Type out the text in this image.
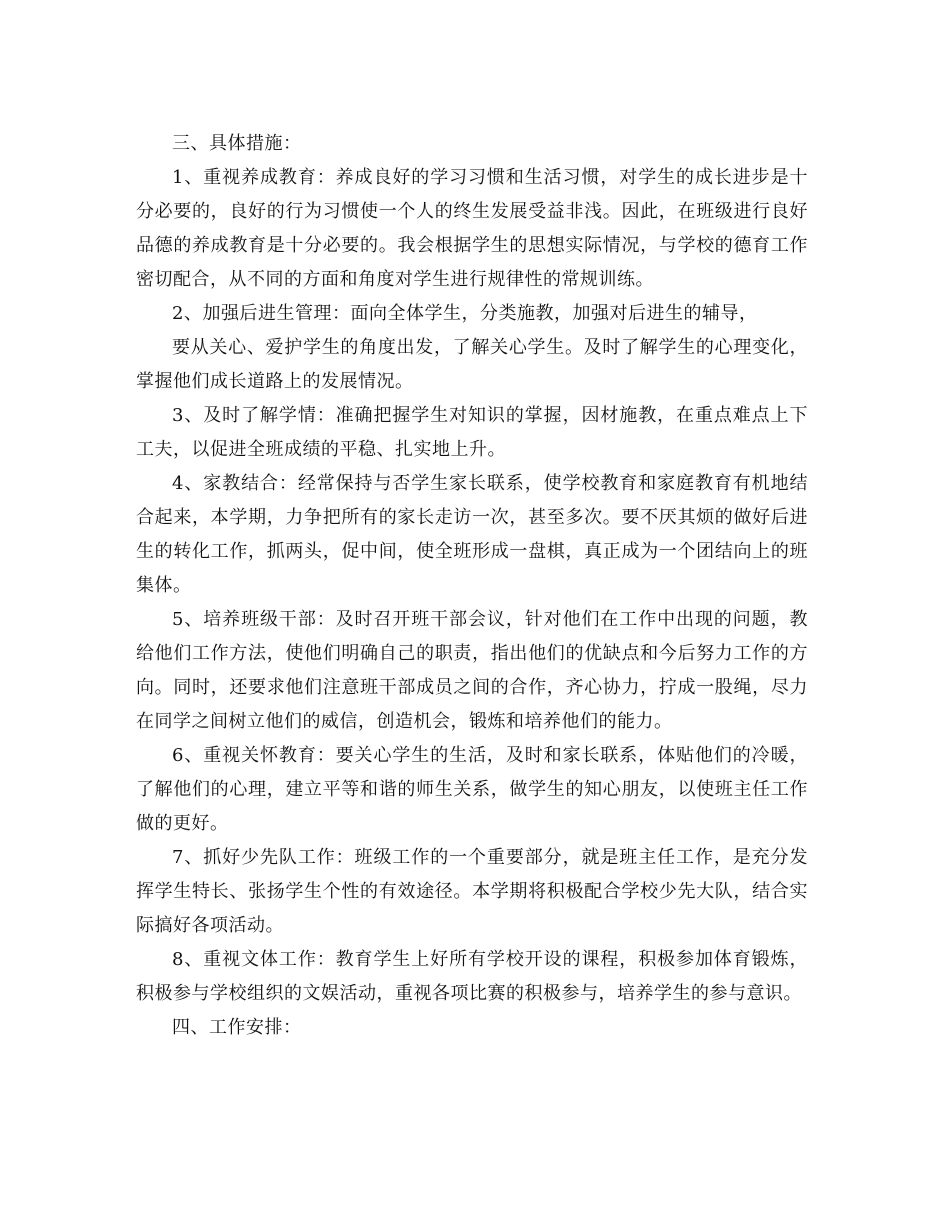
三、具体措施：

1、重视养成教育：养成良好的学习习惯和生活习惯，对学生的成长进步是十分必要的，良好的行为习惯使一个人的终生发展受益非浅。因此，在班级进行良好品德的养成教育是十分必要的。我会根据学生的思想实际情况，与学校的德育工作密切配合，从不同的方面和角度对学生进行规律性的常规训练。

2、加强后进生管理：面向全体学生，分类施教，加强对后进生的辅导，

要从关心、爱护学生的角度出发，了解关心学生。及时了解学生的心理变化，掌握他们成长道路上的发展情况。

3、及时了解学情：准确把握学生对知识的掌握，因材施教，在重点难点上下工夫，以促进全班成绩的平稳、扎实地上升。

4、家教结合：经常保持与否学生家长联系，使学校教育和家庭教育有机地结合起来，本学期，力争把所有的家长走访一次，甚至多次。要不厌其烦的做好后进生的转化工作，抓两头，促中间，使全班形成一盘棋，真正成为一个团结向上的班集体。

5、培养班级干部：及时召开班干部会议，针对他们在工作中出现的问题，教给他们工作方法，使他们明确自己的职责，指出他们的优缺点和今后努力工作的方向。同时，还要求他们注意班干部成员之间的合作，齐心协力，拧成一股绳，尽力在同学之间树立他们的威信，创造机会，锻炼和培养他们的能力。

6、重视关怀教育：要关心学生的生活，及时和家长联系，体贴他们的冷暖，了解他们的心理，建立平等和谐的师生关系，做学生的知心朋友，以使班主任工作做的更好。

7、抓好少先队工作：班级工作的一个重要部分，就是班主任工作，是充分发挥学生特长、张扬学生个性的有效途径。本学期将积极配合学校少先大队，结合实际搞好各项活动。

8、重视文体工作：教育学生上好所有学校开设的课程，积极参加体育锻炼，积极参与学校组织的文娱活动，重视各项比赛的积极参与，培养学生的参与意识。

四、工作安排：
